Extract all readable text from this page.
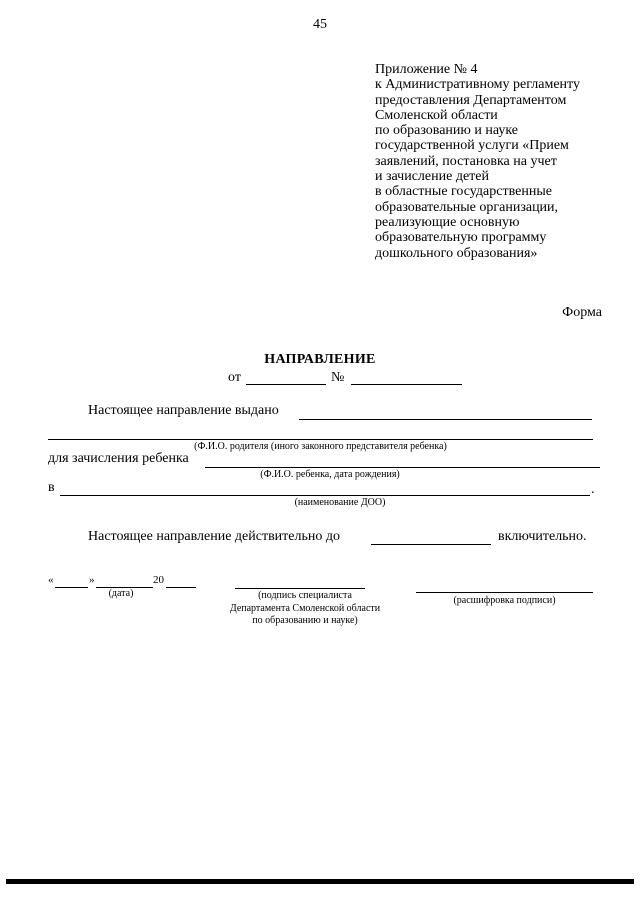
45
Приложение № 4
к Административному регламенту
предоставления Департаментом
Смоленской области
по образованию и науке
государственной услуги «Прием
заявлений, постановка на учет
и зачисление детей
в областные государственные
образовательные организации,
реализующие основную
образовательную программу
дошкольного образования»
Форма
НАПРАВЛЕНИЕ
от	№
Настоящее направление выдано
(Ф.И.О. родителя (иного законного представителя ребенка)
для зачисления ребенка
(Ф.И.О. ребенка, дата рождения)
в	.
(наименование ДОО)
Настоящее направление действительно до	включительно.
«	»	20
(дата)	(подпись специалиста
Департамента Смоленской области
по образованию и науке)
(расшифровка подписи)
